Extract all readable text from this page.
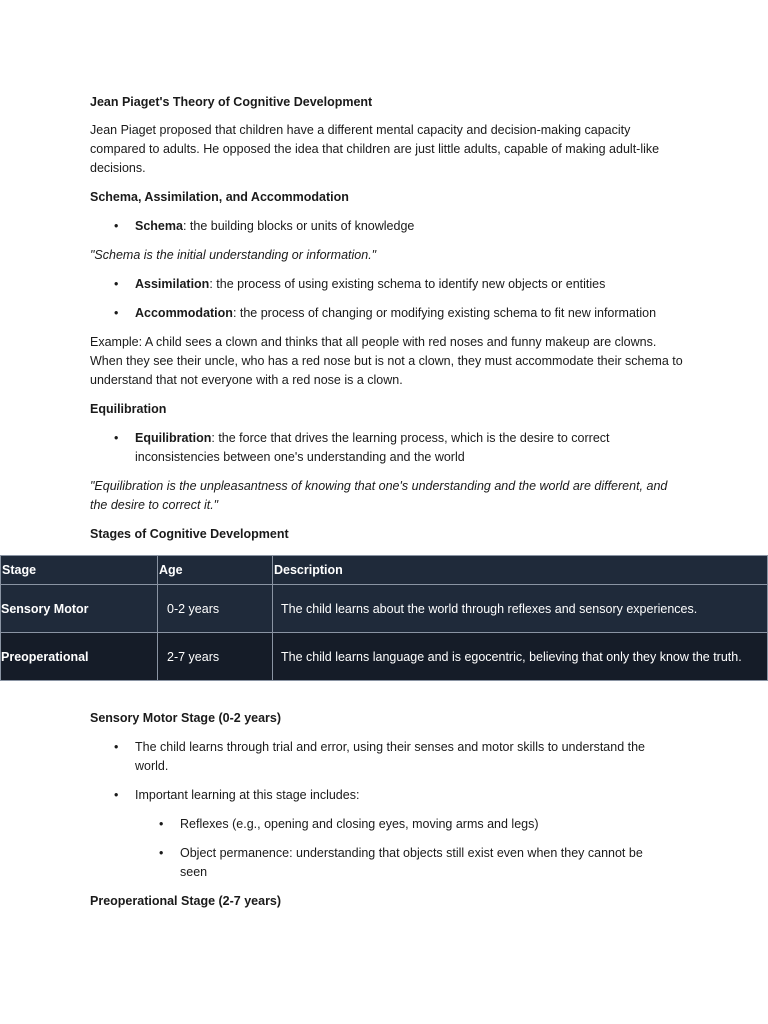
Jean Piaget's Theory of Cognitive Development
Jean Piaget proposed that children have a different mental capacity and decision-making capacity compared to adults. He opposed the idea that children are just little adults, capable of making adult-like decisions.
Schema, Assimilation, and Accommodation
• Schema: the building blocks or units of knowledge
"Schema is the initial understanding or information."
• Assimilation: the process of using existing schema to identify new objects or entities
• Accommodation: the process of changing or modifying existing schema to fit new information
Example: A child sees a clown and thinks that all people with red noses and funny makeup are clowns. When they see their uncle, who has a red nose but is not a clown, they must accommodate their schema to understand that not everyone with a red nose is a clown.
Equilibration
• Equilibration: the force that drives the learning process, which is the desire to correct inconsistencies between one's understanding and the world
"Equilibration is the unpleasantness of knowing that one's understanding and the world are different, and the desire to correct it."
Stages of Cognitive Development
Stage	Age	Description
Sensory Motor	0-2 years	The child learns about the world through reflexes and sensory experiences.
Preoperational	2-7 years	The child learns language and is egocentric, believing that only they know the truth.
Sensory Motor Stage (0-2 years)
• The child learns through trial and error, using their senses and motor skills to understand the world.
• Important learning at this stage includes:
• Reflexes (e.g., opening and closing eyes, moving arms and legs)
• Object permanence: understanding that objects still exist even when they cannot be seen
Preoperational Stage (2-7 years)
